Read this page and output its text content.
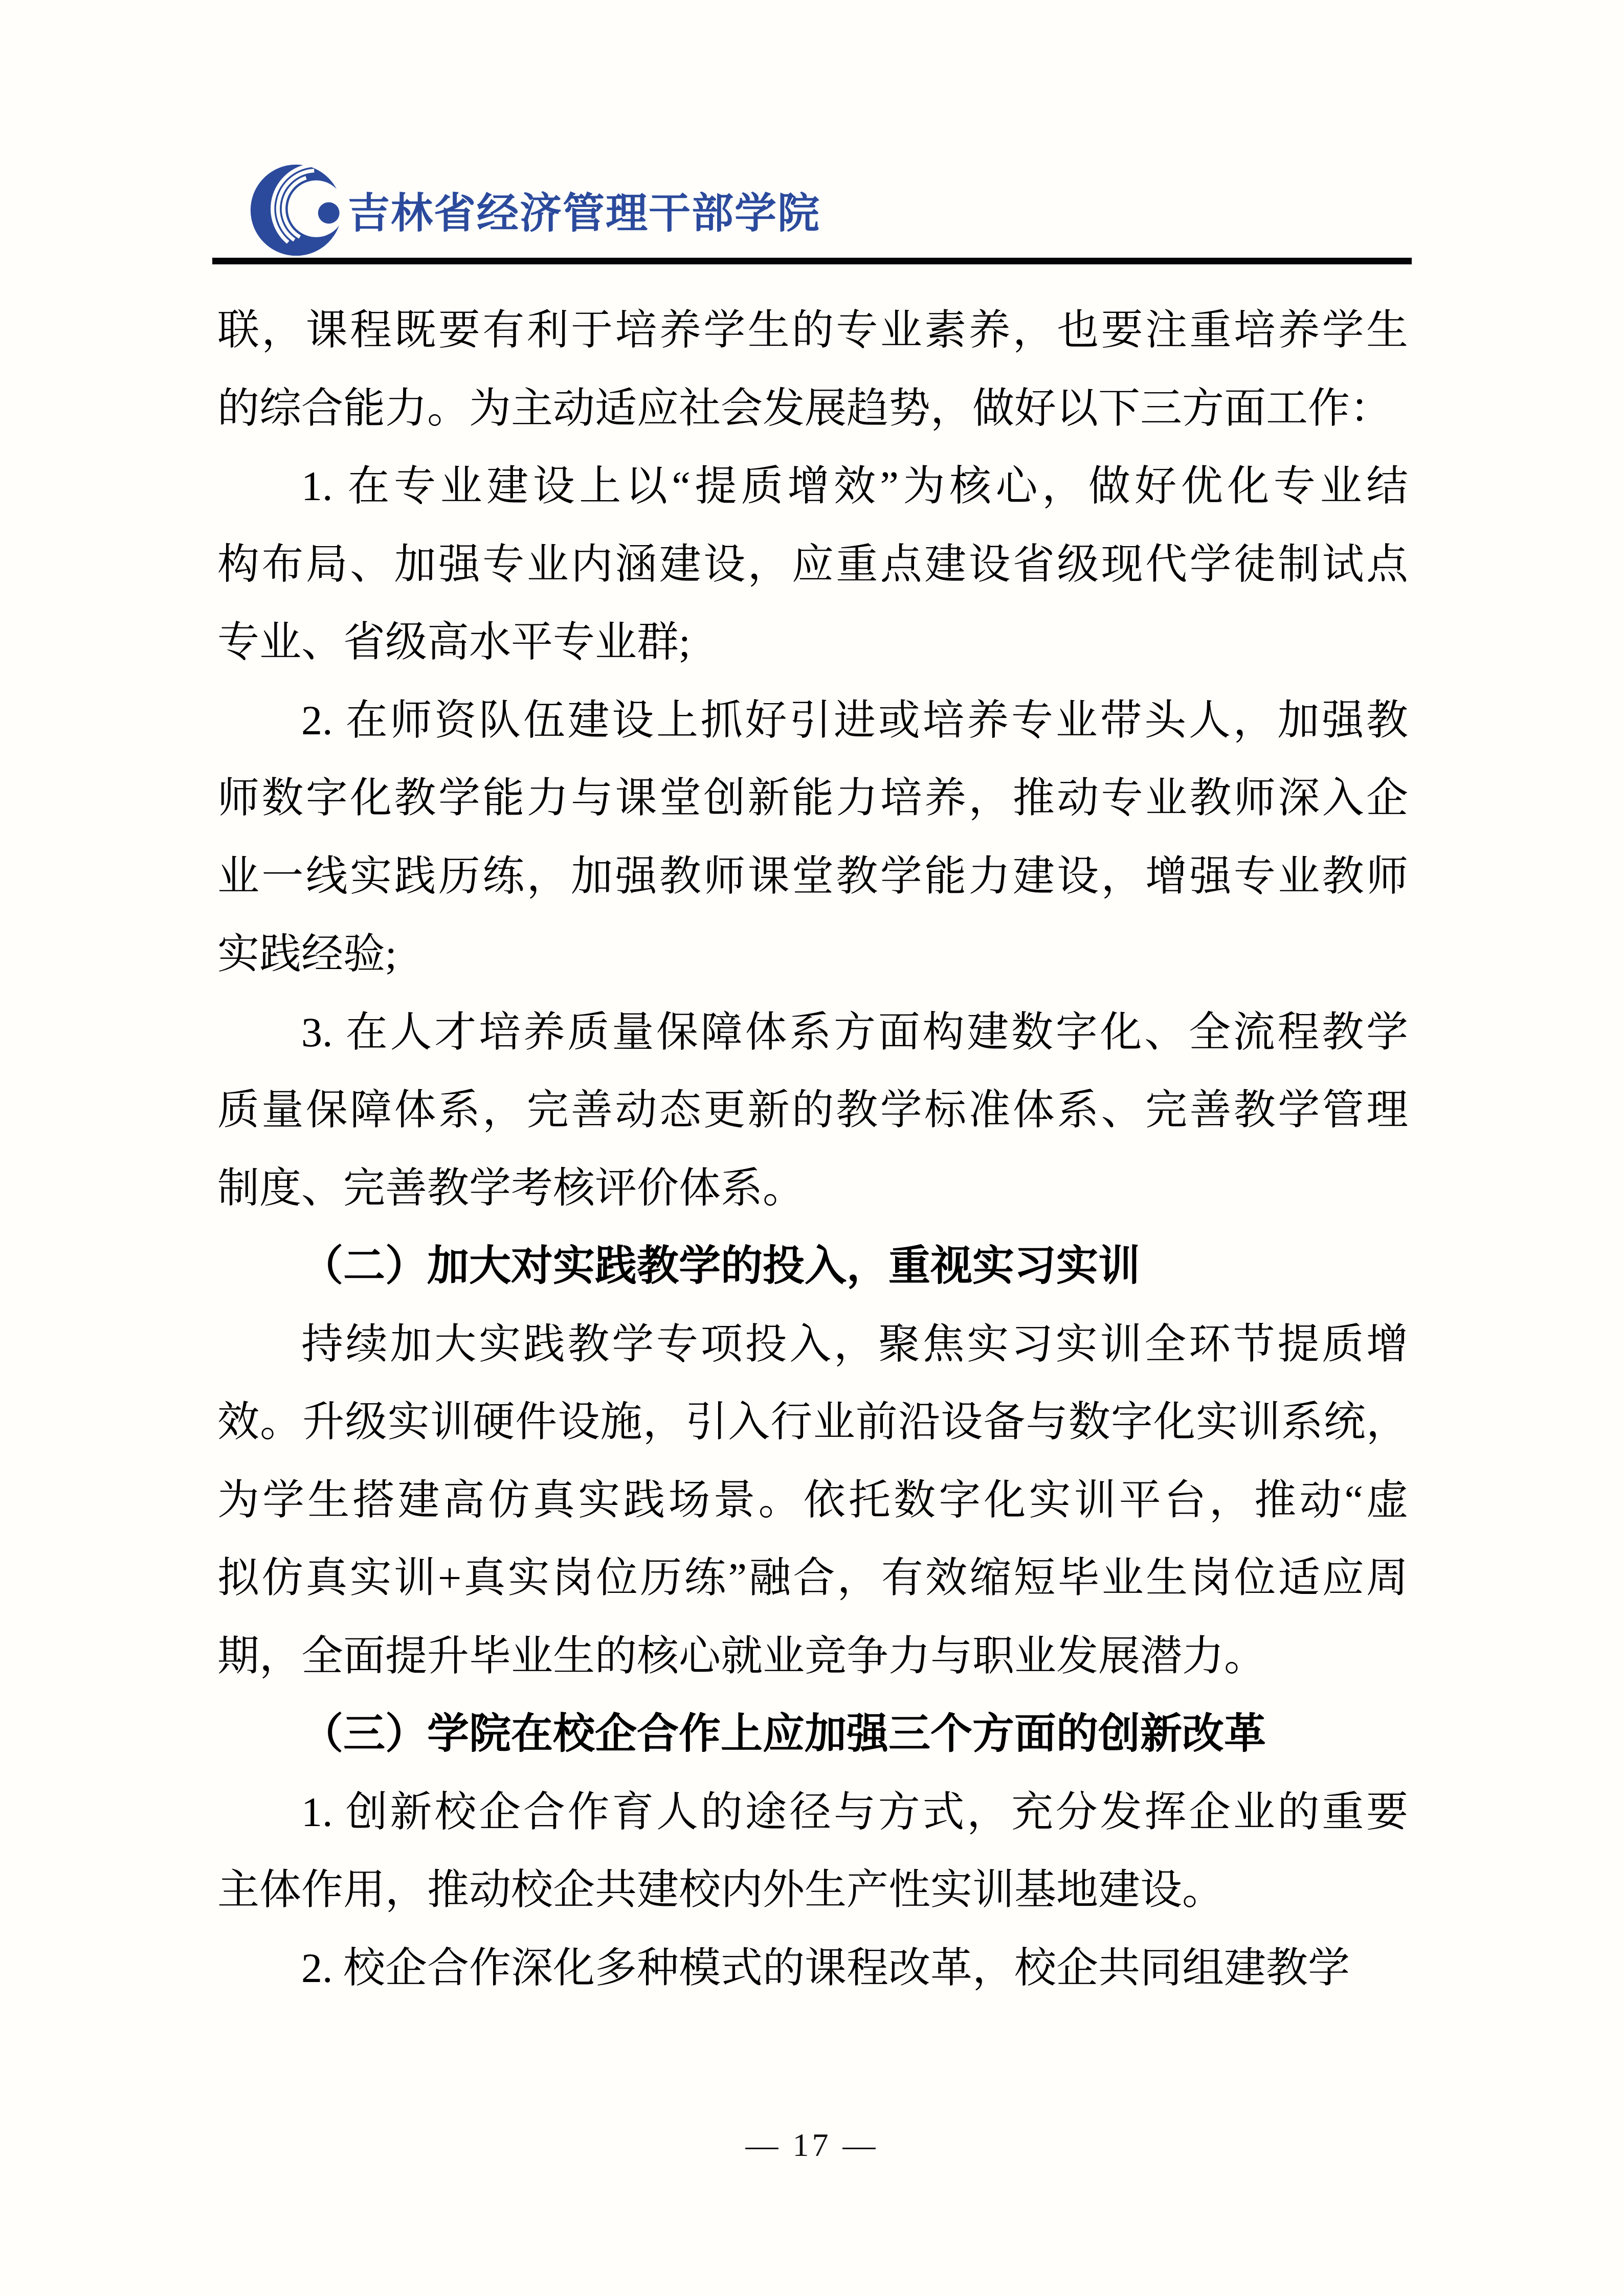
吉林省经济管理干部学院
联，课程既要有利于培养学生的专业素养，也要注重培养学生
的综合能力。为主动适应社会发展趋势，做好以下三方面工作：
1. 在专业建设上以“提质增效”为核心，做好优化专业结
构布局、加强专业内涵建设，应重点建设省级现代学徒制试点
专业、省级高水平专业群;
2. 在师资队伍建设上抓好引进或培养专业带头人，加强教
师数字化教学能力与课堂创新能力培养，推动专业教师深入企
业一线实践历练，加强教师课堂教学能力建设，增强专业教师
实践经验;
3. 在人才培养质量保障体系方面构建数字化、全流程教学
质量保障体系，完善动态更新的教学标准体系、完善教学管理
制度、完善教学考核评价体系。
（二）加大对实践教学的投入，重视实习实训
持续加大实践教学专项投入，聚焦实习实训全环节提质增
效。升级实训硬件设施，引入行业前沿设备与数字化实训系统，
为学生搭建高仿真实践场景。依托数字化实训平台，推动“虚
拟仿真实训+真实岗位历练”融合，有效缩短毕业生岗位适应周
期，全面提升毕业生的核心就业竞争力与职业发展潜力。
（三）学院在校企合作上应加强三个方面的创新改革
1. 创新校企合作育人的途径与方式，充分发挥企业的重要
主体作用，推动校企共建校内外生产性实训基地建设。
2. 校企合作深化多种模式的课程改革，校企共同组建教学
— 17 —
